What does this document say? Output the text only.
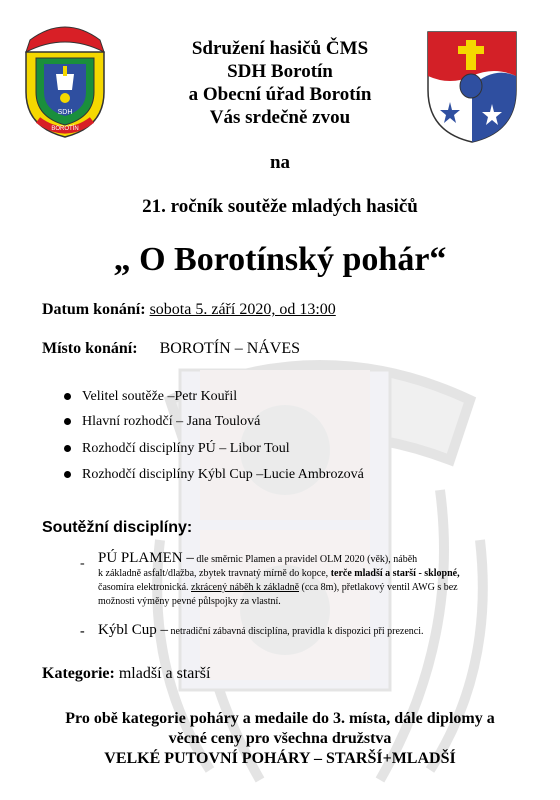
SDH
BOROTÍN
Sdružení hasičů ČMS
SDH Borotín
a Obecní úřad Borotín
Vás srdečně zvou
na
21. ročník soutěže mladých hasičů
„ O Borotínský pohár“
Datum konání: sobota 5. září 2020, od 13:00
Místo konání: BOROTÍN – NÁVES
Velitel soutěže –Petr Kouřil
Hlavní rozhodčí – Jana Toulová
Rozhodčí disciplíny PÚ – Libor Toul
Rozhodčí disciplíny Kýbl Cup –Lucie Ambrozová
Soutěžní disciplíny:
- PÚ PLAMEN – dle směrnic Plamen a pravidel OLM 2020 (věk), náběh
k základně asfalt/dlažba, zbytek travnatý mírně do kopce, terče mladší a starší - sklopné,
časomíra elektronická. zkrácený náběh k základně (cca 8m), přetlakový ventil AWG s bez
možnosti výměny pevné půlspojky za vlastní.
- Kýbl Cup – netradiční zábavná disciplína, pravidla k dispozici při prezenci.
Kategorie: mladší a starší
Pro obě kategorie poháry a medaile do 3. místa, dále diplomy a
věcné ceny pro všechna družstva
VELKÉ PUTOVNÍ POHÁRY – STARŠÍ+MLADŠÍ
